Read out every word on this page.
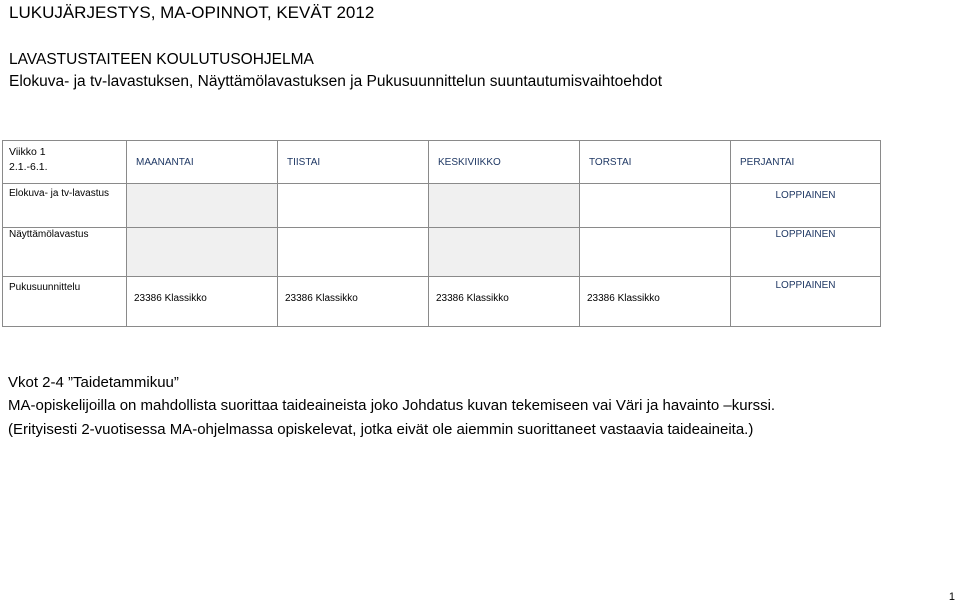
LUKUJÄRJESTYS, MA-OPINNOT, KEVÄT 2012
LAVASTUSTAITEEN KOULUTUSOHJELMA
Elokuva- ja tv-lavastuksen, Näyttämölavastuksen ja Pukusuunnittelun suuntautumisvaihtoehdot
Viikko 1
2.1.-6.1.	MAANANTAI	TIISTAI	KESKIVIIKKO	TORSTAI	PERJANTAI
Elokuva- ja tv-lavastus					LOPPIAINEN
Näyttämölavastus					LOPPIAINEN
Pukusuunnittelu	23386 Klassikko	23386 Klassikko	23386 Klassikko	23386 Klassikko	LOPPIAINEN
Vkot 2-4 ”Taidetammikuu”
MA-opiskelijoilla on mahdollista suorittaa taideaineista joko Johdatus kuvan tekemiseen vai Väri ja havainto –kurssi.
(Erityisesti 2-vuotisessa MA-ohjelmassa opiskelevat, jotka eivät ole aiemmin suorittaneet vastaavia taideaineita.)
1
